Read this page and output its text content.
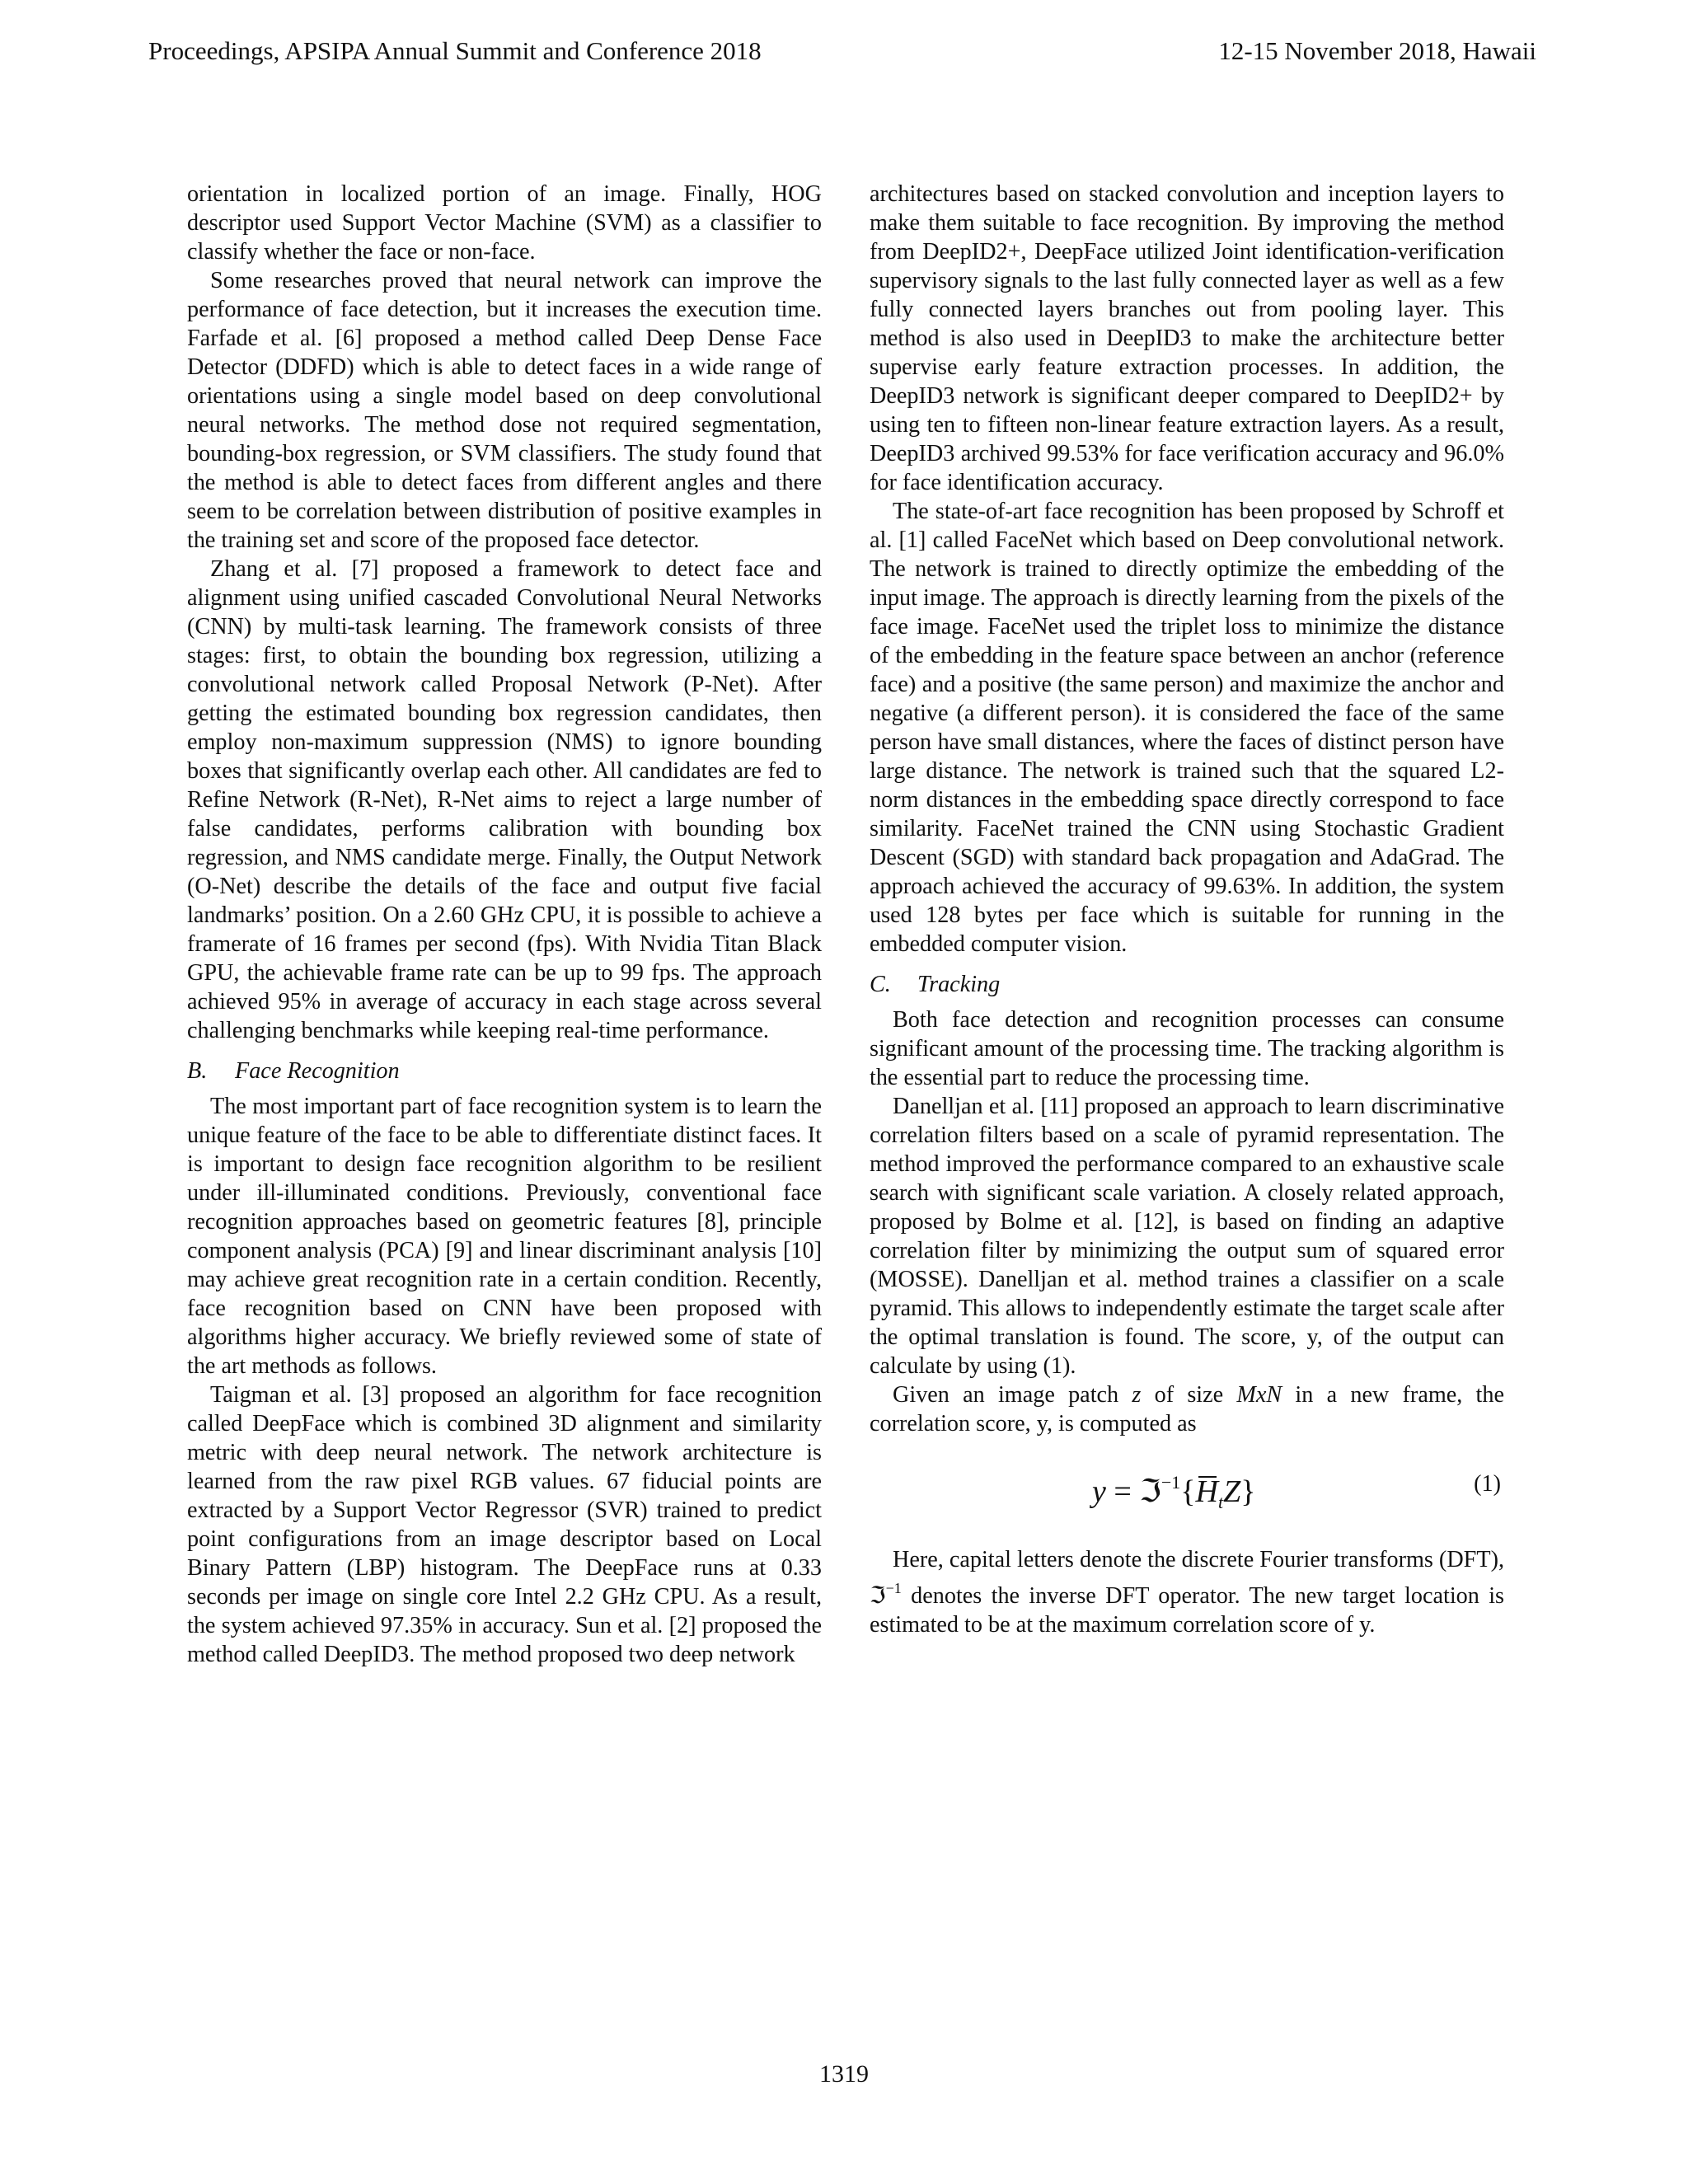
Proceedings, APSIPA Annual Summit and Conference 2018	12-15 November 2018, Hawaii

orientation in localized portion of an image. Finally, HOG descriptor used Support Vector Machine (SVM) as a classifier to classify whether the face or non-face.

Some researches proved that neural network can improve the performance of face detection, but it increases the execution time. Farfade et al. [6] proposed a method called Deep Dense Face Detector (DDFD) which is able to detect faces in a wide range of orientations using a single model based on deep convolutional neural networks. The method dose not required segmentation, bounding-box regression, or SVM classifiers. The study found that the method is able to detect faces from different angles and there seem to be correlation between distribution of positive examples in the training set and score of the proposed face detector.

Zhang et al. [7] proposed a framework to detect face and alignment using unified cascaded Convolutional Neural Networks (CNN) by multi-task learning. The framework consists of three stages: first, to obtain the bounding box regression, utilizing a convolutional network called Proposal Network (P-Net). After getting the estimated bounding box regression candidates, then employ non-maximum suppression (NMS) to ignore bounding boxes that significantly overlap each other. All candidates are fed to Refine Network (R-Net), R-Net aims to reject a large number of false candidates, performs calibration with bounding box regression, and NMS candidate merge. Finally, the Output Network (O-Net) describe the details of the face and output five facial landmarks’ position. On a 2.60 GHz CPU, it is possible to achieve a framerate of 16 frames per second (fps). With Nvidia Titan Black GPU, the achievable frame rate can be up to 99 fps. The approach achieved 95% in average of accuracy in each stage across several challenging benchmarks while keeping real-time performance.

B. Face Recognition

The most important part of face recognition system is to learn the unique feature of the face to be able to differentiate distinct faces. It is important to design face recognition algorithm to be resilient under ill-illuminated conditions. Previously, conventional face recognition approaches based on geometric features [8], principle component analysis (PCA) [9] and linear discriminant analysis [10] may achieve great recognition rate in a certain condition. Recently, face recognition based on CNN have been proposed with algorithms higher accuracy. We briefly reviewed some of state of the art methods as follows.

Taigman et al. [3] proposed an algorithm for face recognition called DeepFace which is combined 3D alignment and similarity metric with deep neural network. The network architecture is learned from the raw pixel RGB values. 67 fiducial points are extracted by a Support Vector Regressor (SVR) trained to predict point configurations from an image descriptor based on Local Binary Pattern (LBP) histogram. The DeepFace runs at 0.33 seconds per image on single core Intel 2.2 GHz CPU. As a result, the system achieved 97.35% in accuracy. Sun et al. [2] proposed the method called DeepID3. The method proposed two deep network

architectures based on stacked convolution and inception layers to make them suitable to face recognition. By improving the method from DeepID2+, DeepFace utilized Joint identification-verification supervisory signals to the last fully connected layer as well as a few fully connected layers branches out from pooling layer. This method is also used in DeepID3 to make the architecture better supervise early feature extraction processes. In addition, the DeepID3 network is significant deeper compared to DeepID2+ by using ten to fifteen non-linear feature extraction layers. As a result, DeepID3 archived 99.53% for face verification accuracy and 96.0% for face identification accuracy.

The state-of-art face recognition has been proposed by Schroff et al. [1] called FaceNet which based on Deep convolutional network. The network is trained to directly optimize the embedding of the input image. The approach is directly learning from the pixels of the face image. FaceNet used the triplet loss to minimize the distance of the embedding in the feature space between an anchor (reference face) and a positive (the same person) and maximize the anchor and negative (a different person). it is considered the face of the same person have small distances, where the faces of distinct person have large distance. The network is trained such that the squared L2-norm distances in the embedding space directly correspond to face similarity. FaceNet trained the CNN using Stochastic Gradient Descent (SGD) with standard back propagation and AdaGrad. The approach achieved the accuracy of 99.63%. In addition, the system used 128 bytes per face which is suitable for running in the embedded computer vision.

C. Tracking

Both face detection and recognition processes can consume significant amount of the processing time. The tracking algorithm is the essential part to reduce the processing time.

Danelljan et al. [11] proposed an approach to learn discriminative correlation filters based on a scale of pyramid representation. The method improved the performance compared to an exhaustive scale search with significant scale variation. A closely related approach, proposed by Bolme et al. [12], is based on finding an adaptive correlation filter by minimizing the output sum of squared error (MOSSE). Danelljan et al. method traines a classifier on a scale pyramid. This allows to independently estimate the target scale after the optimal translation is found. The score, y, of the output can calculate by using (1).

Given an image patch z of size MxN in a new frame, the correlation score, y, is computed as

$y = ℑ^{-1}\{H_tZ\}$	(1)

Here, capital letters denote the discrete Fourier transforms (DFT), ℑ$^{-1}$ denotes the inverse DFT operator. The new target location is estimated to be at the maximum correlation score of y.

1319
